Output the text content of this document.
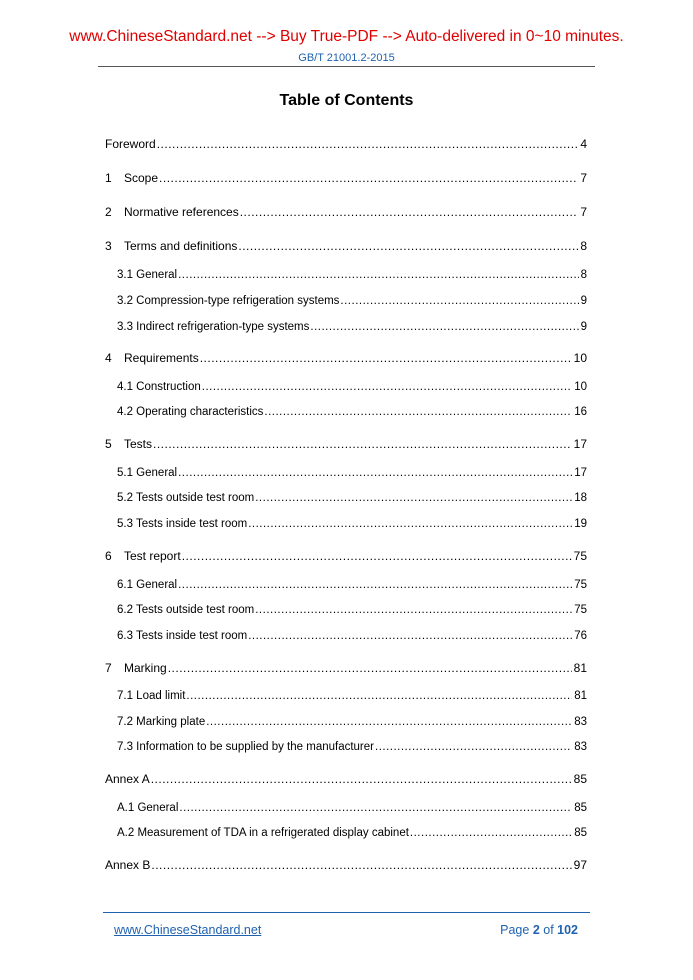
www.ChineseStandard.net --> Buy True-PDF --> Auto-delivered in 0~10 minutes.
GB/T 21001.2-2015
Table of Contents
Foreword .....	4
1	Scope .....	7
2	Normative references .....	7
3	Terms and definitions .....	8
3.1 General .....	8
3.2 Compression-type refrigeration systems .....	9
3.3 Indirect refrigeration-type systems .....	9
4	Requirements .....	10
4.1 Construction .....	10
4.2 Operating characteristics .....	16
5	Tests .....	17
5.1 General .....	17
5.2 Tests outside test room .....	18
5.3 Tests inside test room .....	19
6	Test report .....	75
6.1 General .....	75
6.2 Tests outside test room .....	75
6.3 Tests inside test room .....	76
7	Marking .....	81
7.1 Load limit .....	81
7.2 Marking plate .....	83
7.3 Information to be supplied by the manufacturer .....	83
Annex A .....	85
A.1 General .....	85
A.2 Measurement of TDA in a refrigerated display cabinet .....	85
Annex B .....	97
www.ChineseStandard.net	Page 2 of 102
